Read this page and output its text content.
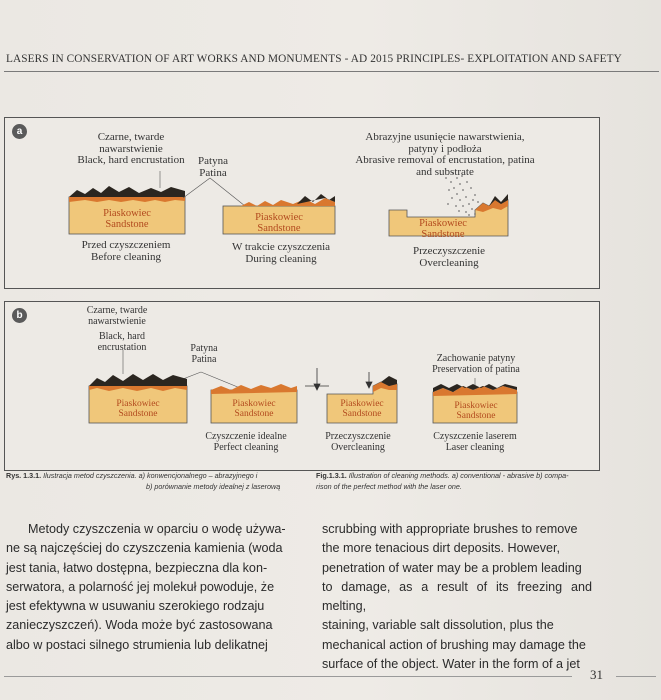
LASERS IN CONSERVATION OF ART WORKS AND MONUMENTS - AD 2015 PRINCIPLES- EXPLOITATION AND SAFETY
a	Czarne, twarde nawarstwienie
Black, hard encrustation	Patyna
Patina
Abrazyjne usunięcie nawarstwienia, patyny i podłoża
Abrasive removal of encrustation, patina and substrate
Piaskowiec
Sandstone
Piaskowiec
Sandstone	Piaskowiec
Sandstone
Przed czyszczeniem
Before cleaning
W trakcie czyszczenia
During cleaning
Przeczyszczenie
Overcleaning
b	Czarne, twarde nawarstwienie
Black, hard encrustation	Patyna
Patina	Zachowanie patyny
Preservation of patina
Piaskowiec
Sandstone
Piaskowiec
Sandstone
Piaskowiec
Sandstone
Piaskowiec
Sandstone
Czyszczenie idealne
Perfect cleaning
Przeczyszczenie
Overcleaning
Czyszczenie laserem
Laser cleaning
Rys. 1.3.1. Ilustracja metod czyszczenia. a) konwencjonalnego – abrazyjnego i
b) porównanie metody idealnej z laserową
Fig.1.3.1. Illustration of cleaning methods. a) conventional - abrasive b) compa-
rison of the perfect method with the laser one.
Metody czyszczenia w oparciu o wodę używa-
ne są najczęściej do czyszczenia kamienia (woda
jest tania, łatwo dostępna, bezpieczna dla kon-
serwatora, a polarność jej molekuł powoduje, że
jest efektywna w usuwaniu szerokiego rodzaju
zanieczyszczeń). Woda może być zastosowana
albo w postaci silnego strumienia lub delikatnej
scrubbing with appropriate brushes to remove
the more tenacious dirt deposits. However,
penetration of water may be a problem leading
to damage, as a result of its freezing and melting,
staining, variable salt dissolution, plus the
mechanical action of brushing may damage the
surface of the object. Water in the form of a jet
31
